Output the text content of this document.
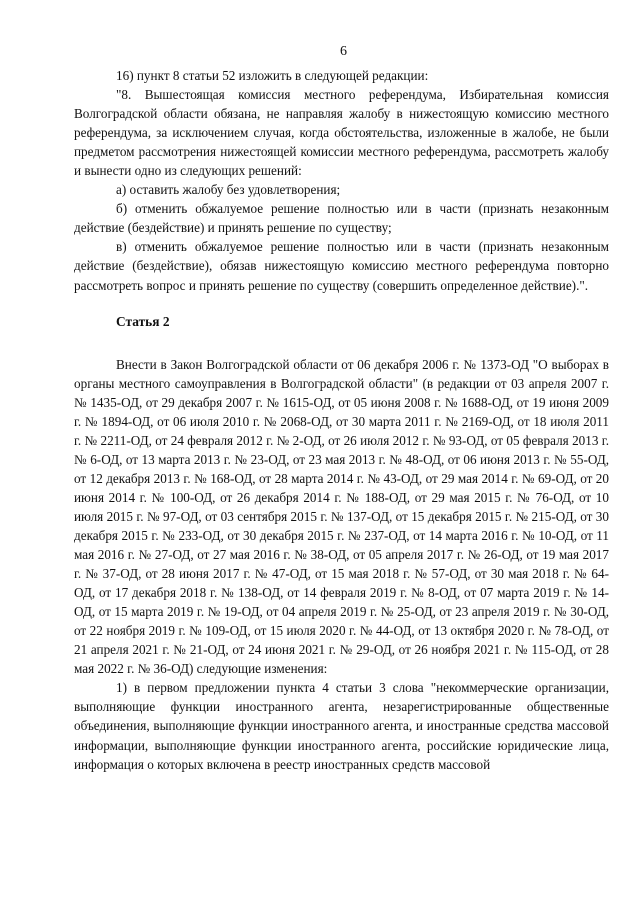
6

16) пункт 8 статьи 52 изложить в следующей редакции:

"8. Вышестоящая комиссия местного референдума, Избирательная комиссия Волгоградской области обязана, не направляя жалобу в нижестоящую комиссию местного референдума, за исключением случая, когда обстоятельства, изложенные в жалобе, не были предметом рассмотрения нижестоящей комиссии местного референдума, рассмотреть жалобу и вынести одно из следующих решений:

а) оставить жалобу без удовлетворения;

б) отменить обжалуемое решение полностью или в части (признать незаконным действие (бездействие) и принять решение по существу;

в) отменить обжалуемое решение полностью или в части (признать незаконным действие (бездействие), обязав нижестоящую комиссию местного референдума повторно рассмотреть вопрос и принять решение по существу (совершить определенное действие).".

Статья 2

Внести в Закон Волгоградской области от 06 декабря 2006 г. № 1373-ОД "О выборах в органы местного самоуправления в Волгоградской области" (в редакции от 03 апреля 2007 г. № 1435-ОД, от 29 декабря 2007 г. № 1615-ОД, от 05 июня 2008 г. № 1688-ОД, от 19 июня 2009 г. № 1894-ОД, от 06 июля 2010 г. № 2068-ОД, от 30 марта 2011 г. № 2169-ОД, от 18 июля 2011 г. № 2211-ОД, от 24 февраля 2012 г. № 2-ОД, от 26 июля 2012 г. № 93-ОД, от 05 февраля 2013 г. № 6-ОД, от 13 марта 2013 г. № 23-ОД, от 23 мая 2013 г. № 48-ОД, от 06 июня 2013 г. № 55-ОД, от 12 декабря 2013 г. № 168-ОД, от 28 марта 2014 г. № 43-ОД, от 29 мая 2014 г. № 69-ОД, от 20 июня 2014 г. № 100-ОД, от 26 декабря 2014 г. № 188-ОД, от 29 мая 2015 г. № 76-ОД, от 10 июля 2015 г. № 97-ОД, от 03 сентября 2015 г. № 137-ОД, от 15 декабря 2015 г. № 215-ОД, от 30 декабря 2015 г. № 233-ОД, от 30 декабря 2015 г. № 237-ОД, от 14 марта 2016 г. № 10-ОД, от 11 мая 2016 г. № 27-ОД, от 27 мая 2016 г. № 38-ОД, от 05 апреля 2017 г. № 26-ОД, от 19 мая 2017 г. № 37-ОД, от 28 июня 2017 г. № 47-ОД, от 15 мая 2018 г. № 57-ОД, от 30 мая 2018 г. № 64-ОД, от 17 декабря 2018 г. № 138-ОД, от 14 февраля 2019 г. № 8-ОД, от 07 марта 2019 г. № 14-ОД, от 15 марта 2019 г. № 19-ОД, от 04 апреля 2019 г. № 25-ОД, от 23 апреля 2019 г. № 30-ОД, от 22 ноября 2019 г. № 109-ОД, от 15 июля 2020 г. № 44-ОД, от 13 октября 2020 г. № 78-ОД, от 21 апреля 2021 г. № 21-ОД, от 24 июня 2021 г. № 29-ОД, от 26 ноября 2021 г. № 115-ОД, от 28 мая 2022 г. № 36-ОД) следующие изменения:

1) в первом предложении пункта 4 статьи 3 слова "некоммерческие организации, выполняющие функции иностранного агента, незарегистрированные общественные объединения, выполняющие функции иностранного агента, и иностранные средства массовой информации, выполняющие функции иностранного агента, российские юридические лица, информация о которых включена в реестр иностранных средств массовой
